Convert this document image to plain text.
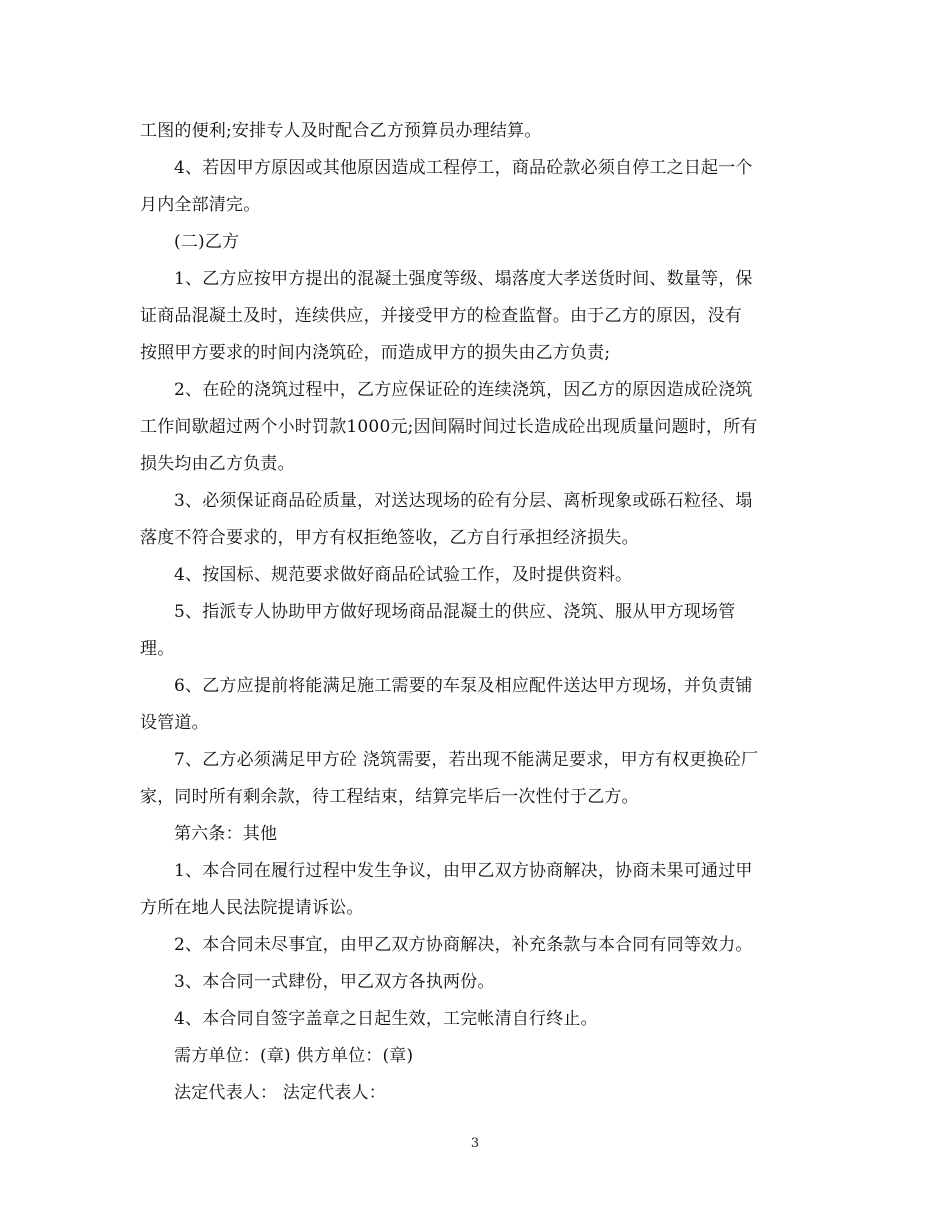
工图的便利;安排专人及时配合乙方预算员办理结算。
4、若因甲方原因或其他原因造成工程停工，商品砼款必须自停工之日起一个
月内全部清完。
(二)乙方
1、乙方应按甲方提出的混凝土强度等级、塌落度大孝送货时间、数量等，保
证商品混凝土及时，连续供应，并接受甲方的检查监督。由于乙方的原因，没有
按照甲方要求的时间内浇筑砼，而造成甲方的损失由乙方负责;
2、在砼的浇筑过程中，乙方应保证砼的连续浇筑，因乙方的原因造成砼浇筑
工作间歇超过两个小时罚款1000元;因间隔时间过长造成砼出现质量问题时，所有
损失均由乙方负责。
3、必须保证商品砼质量，对送达现场的砼有分层、离析现象或砾石粒径、塌
落度不符合要求的，甲方有权拒绝签收，乙方自行承担经济损失。
4、按国标、规范要求做好商品砼试验工作，及时提供资料。
5、指派专人协助甲方做好现场商品混凝土的供应、浇筑、服从甲方现场管
理。
6、乙方应提前将能满足施工需要的车泵及相应配件送达甲方现场，并负责铺
设管道。
7、乙方必须满足甲方砼 浇筑需要，若出现不能满足要求，甲方有权更换砼厂
家，同时所有剩余款，待工程结束，结算完毕后一次性付于乙方。
第六条：其他
1、本合同在履行过程中发生争议，由甲乙双方协商解决，协商未果可通过甲
方所在地人民法院提请诉讼。
2、本合同未尽事宜，由甲乙双方协商解决，补充条款与本合同有同等效力。
3、本合同一式肆份，甲乙双方各执两份。
4、本合同自签字盖章之日起生效，工完帐清自行终止。
需方单位：(章) 供方单位：(章)
法定代表人： 法定代表人：
3
